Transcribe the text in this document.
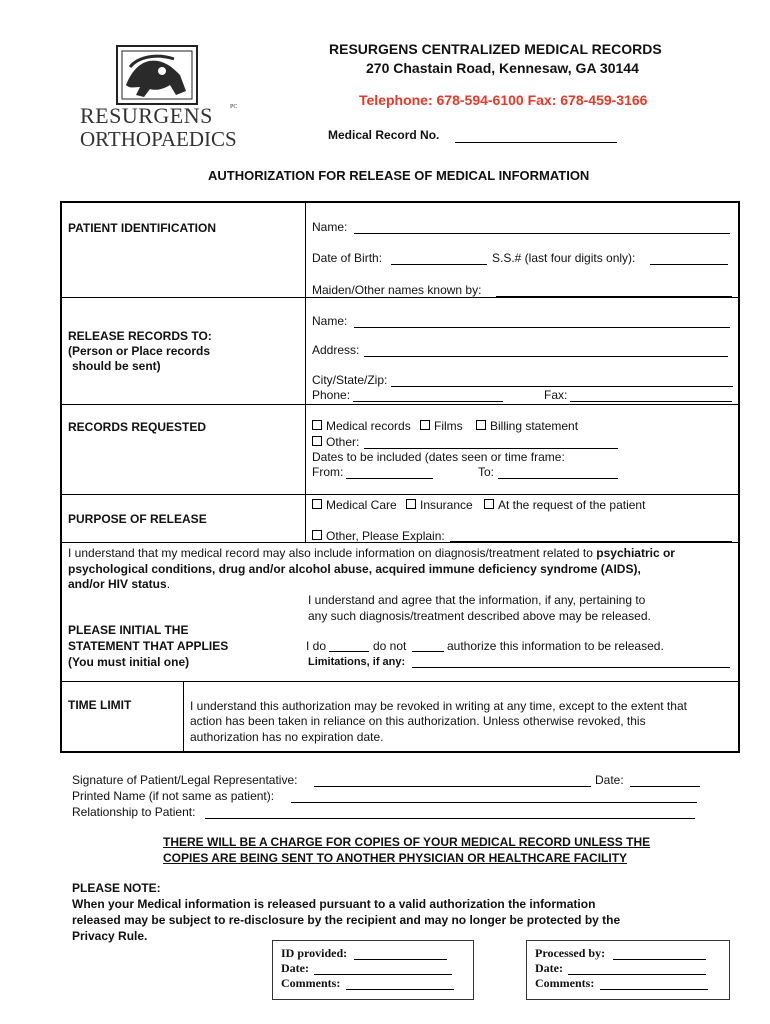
RESURGENS	PC
ORTHOPAEDICS
RESURGENS CENTRALIZED MEDICAL RECORDS
270 Chastain Road, Kennesaw, GA 30144
Telephone: 678-594-6100 Fax: 678-459-3166
Medical Record No.
AUTHORIZATION FOR RELEASE OF MEDICAL INFORMATION
PATIENT IDENTIFICATION	Name:
Date of Birth:	S.S.# (last four digits only):
Maiden/Other names known by:
RELEASE RECORDS TO:
(Person or Place records
should be sent)
Name:
Address:
City/State/Zip:
Phone:	Fax:
RECORDS REQUESTED	Medical records	Films	Billing statement
Other:
Dates to be included (dates seen or time frame:
From:	To:
PURPOSE OF RELEASE
Medical Care	Insurance	At the request of the patient
Other, Please Explain:
I understand that my medical record may also include information on diagnosis/treatment related to psychiatric or
psychological conditions, drug and/or alcohol abuse, acquired immune deficiency syndrome (AIDS),
and/or HIV status.
I understand and agree that the information, if any, pertaining to
any such diagnosis/treatment described above may be released.
PLEASE INITIAL THE
STATEMENT THAT APPLIES
(You must initial one)
I do	do not	authorize this information to be released.
Limitations, if any:
TIME LIMIT	I understand this authorization may be revoked in writing at any time, except to the extent that
action has been taken in reliance on this authorization. Unless otherwise revoked, this
authorization has no expiration date.
Signature of Patient/Legal Representative:	Date:
Printed Name (if not same as patient):
Relationship to Patient:
THERE WILL BE A CHARGE FOR COPIES OF YOUR MEDICAL RECORD UNLESS THE
COPIES ARE BEING SENT TO ANOTHER PHYSICIAN OR HEALTHCARE FACILITY
PLEASE NOTE:
When your Medical information is released pursuant to a valid authorization the information
released may be subject to re-disclosure by the recipient and may no longer be protected by the
Privacy Rule.
ID provided:
Date:
Comments:
Processed by:
Date:
Comments:
